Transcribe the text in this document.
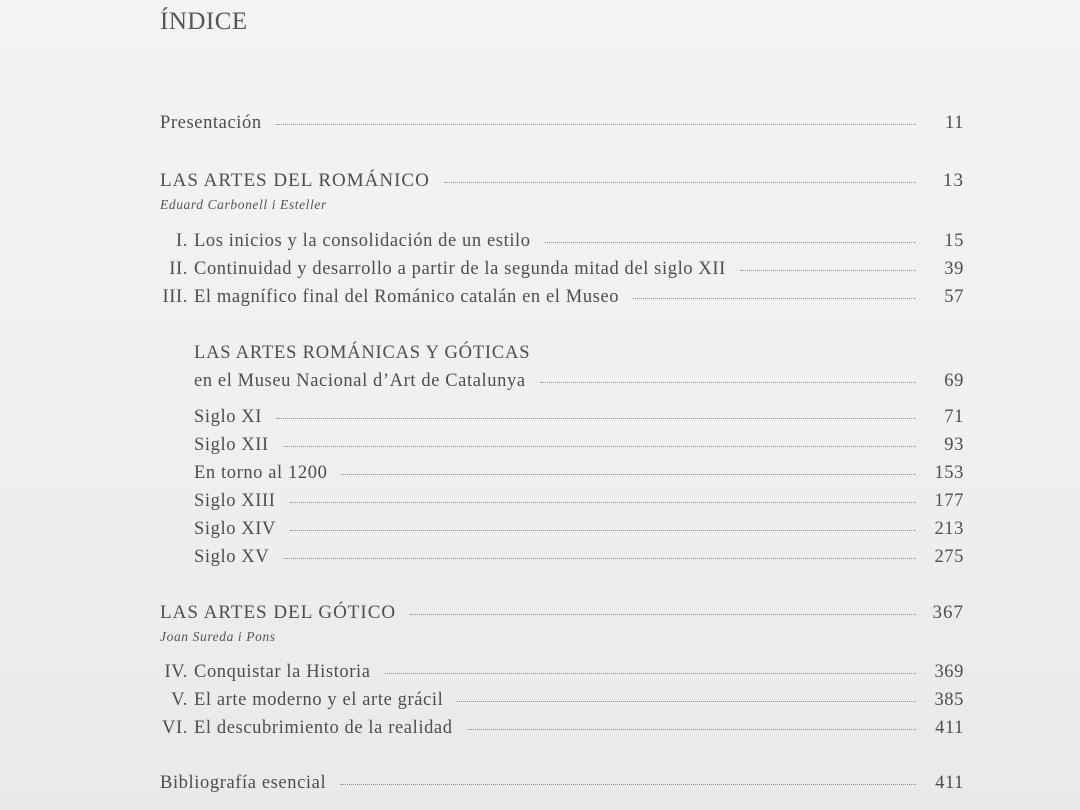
ÍNDICE
Presentación	11
LAS ARTES DEL ROMÁNICO	13
Eduard Carbonell i Esteller
I. Los inicios y la consolidación de un estilo	15
II. Continuidad y desarrollo a partir de la segunda mitad del siglo XII	39
III. El magnífico final del Románico catalán en el Museo	57
LAS ARTES ROMÁNICAS Y GÓTICAS
en el Museu Nacional d’Art de Catalunya	69
Siglo XI	71
Siglo XII	93
En torno al 1200	153
Siglo XIII	177
Siglo XIV	213
Siglo XV	275
LAS ARTES DEL GÓTICO	367
Joan Sureda i Pons
IV. Conquistar la Historia	369
V. El arte moderno y el arte grácil	385
VI. El descubrimiento de la realidad	411
Bibliografía esencial	411
